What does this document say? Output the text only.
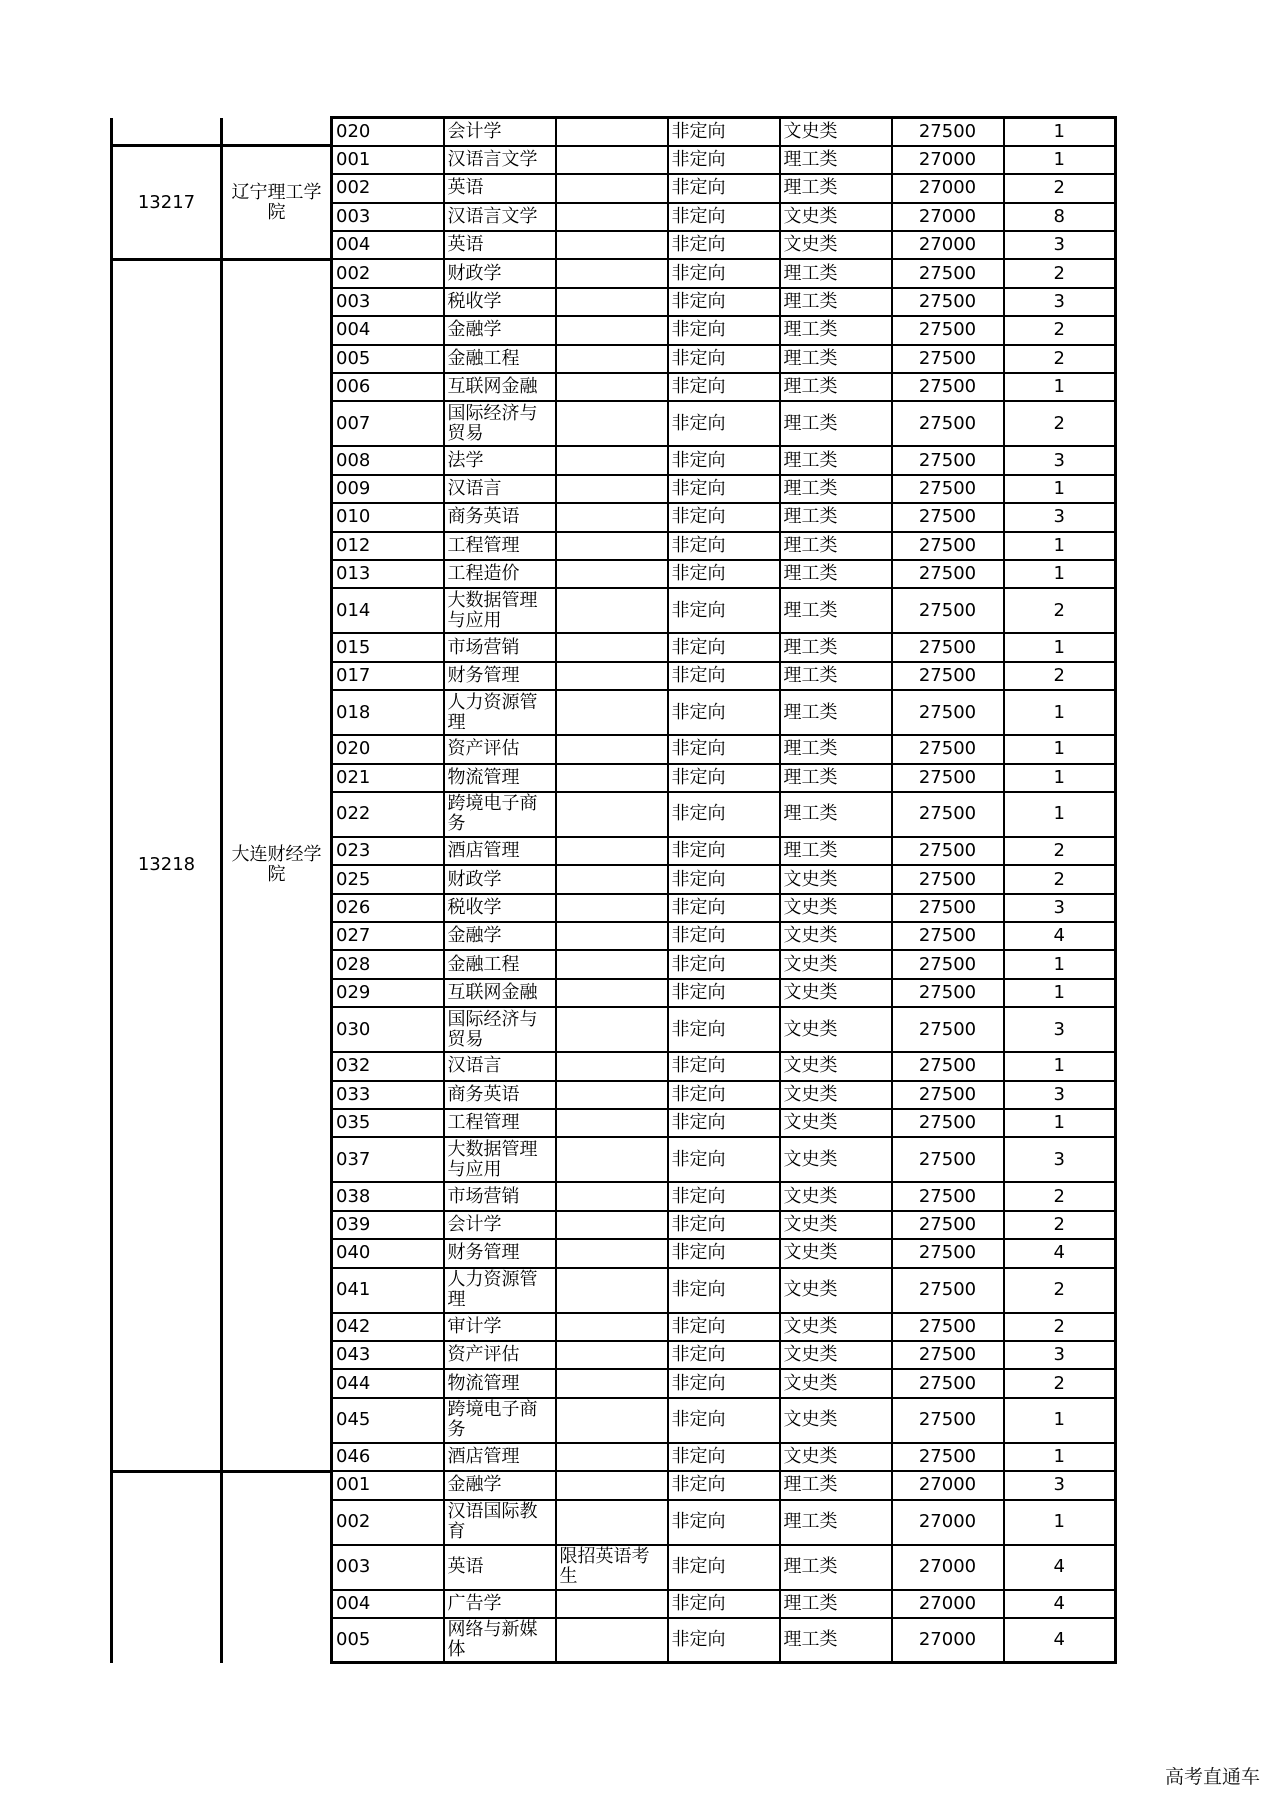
		020	会计学		非定向	文史类	27500	1
13217	辽宁理工学院	001	汉语言文学		非定向	理工类	27000	1
		002	英语		非定向	理工类	27000	2
		003	汉语言文学		非定向	文史类	27000	8
		004	英语		非定向	文史类	27000	3
13218	大连财经学院	002	财政学		非定向	理工类	27500	2
		003	税收学		非定向	理工类	27500	3
		004	金融学		非定向	理工类	27500	2
		005	金融工程		非定向	理工类	27500	2
		006	互联网金融		非定向	理工类	27500	1
		007	国际经济与贸易		非定向	理工类	27500	2
		008	法学		非定向	理工类	27500	3
		009	汉语言		非定向	理工类	27500	1
		010	商务英语		非定向	理工类	27500	3
		012	工程管理		非定向	理工类	27500	1
		013	工程造价		非定向	理工类	27500	1
		014	大数据管理与应用		非定向	理工类	27500	2
		015	市场营销		非定向	理工类	27500	1
		017	财务管理		非定向	理工类	27500	2
		018	人力资源管理		非定向	理工类	27500	1
		020	资产评估		非定向	理工类	27500	1
		021	物流管理		非定向	理工类	27500	1
		022	跨境电子商务		非定向	理工类	27500	1
		023	酒店管理		非定向	理工类	27500	2
		025	财政学		非定向	文史类	27500	2
		026	税收学		非定向	文史类	27500	3
		027	金融学		非定向	文史类	27500	4
		028	金融工程		非定向	文史类	27500	1
		029	互联网金融		非定向	文史类	27500	1
		030	国际经济与贸易		非定向	文史类	27500	3
		032	汉语言		非定向	文史类	27500	1
		033	商务英语		非定向	文史类	27500	3
		035	工程管理		非定向	文史类	27500	1
		037	大数据管理与应用		非定向	文史类	27500	3
		038	市场营销		非定向	文史类	27500	2
		039	会计学		非定向	文史类	27500	2
		040	财务管理		非定向	文史类	27500	4
		041	人力资源管理		非定向	文史类	27500	2
		042	审计学		非定向	文史类	27500	2
		043	资产评估		非定向	文史类	27500	3
		044	物流管理		非定向	文史类	27500	2
		045	跨境电子商务		非定向	文史类	27500	1
		046	酒店管理		非定向	文史类	27500	1
		001	金融学		非定向	理工类	27000	3
		002	汉语国际教育		非定向	理工类	27000	1
		003	英语	限招英语考生	非定向	理工类	27000	4
		004	广告学		非定向	理工类	27000	4
		005	网络与新媒体		非定向	理工类	27000	4
高考直通车
